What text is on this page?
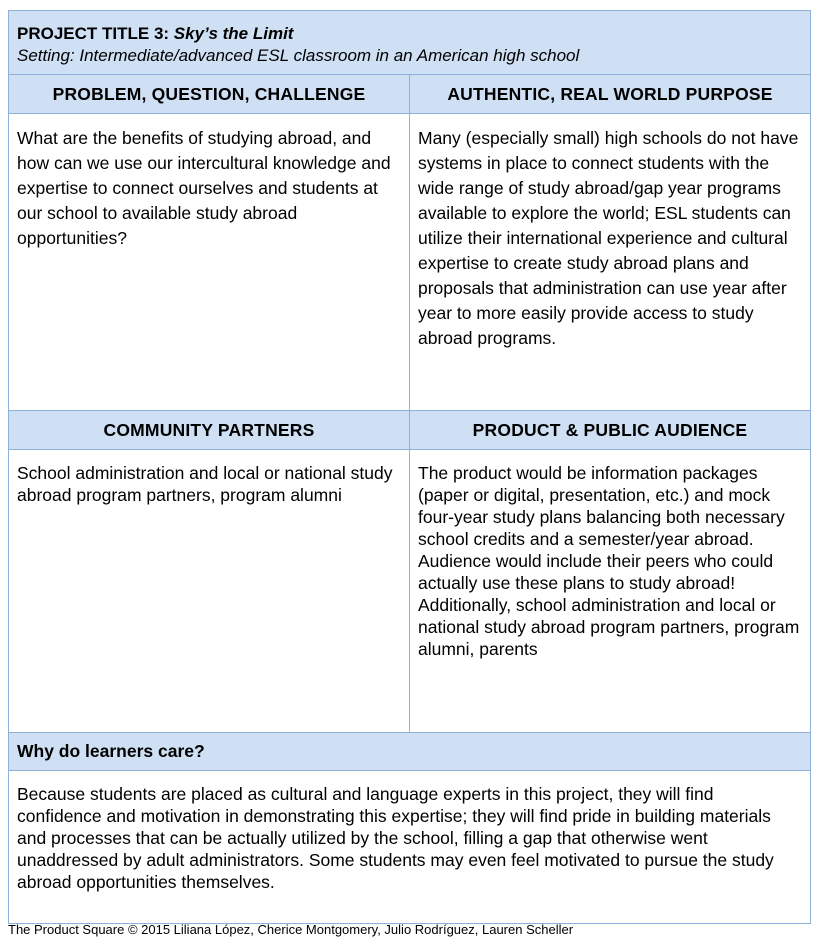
PROJECT TITLE 3: Sky’s the Limit
Setting: Intermediate/advanced ESL classroom in an American high school
PROBLEM, QUESTION, CHALLENGE	AUTHENTIC, REAL WORLD PURPOSE
What are the benefits of studying abroad, and how can we use our intercultural knowledge and expertise to connect ourselves and students at our school to available study abroad opportunities?
Many (especially small) high schools do not have systems in place to connect students with the wide range of study abroad/gap year programs available to explore the world; ESL students can utilize their international experience and cultural expertise to create study abroad plans and proposals that administration can use year after year to more easily provide access to study abroad programs.
COMMUNITY PARTNERS	PRODUCT & PUBLIC AUDIENCE
School administration and local or national study abroad program partners, program alumni
The product would be information packages (paper or digital, presentation, etc.) and mock four-year study plans balancing both necessary school credits and a semester/year abroad. Audience would include their peers who could actually use these plans to study abroad! Additionally, school administration and local or national study abroad program partners, program alumni, parents
Why do learners care?
Because students are placed as cultural and language experts in this project, they will find confidence and motivation in demonstrating this expertise; they will find pride in building materials and processes that can be actually utilized by the school, filling a gap that otherwise went unaddressed by adult administrators. Some students may even feel motivated to pursue the study abroad opportunities themselves.
The Product Square © 2015 Liliana López, Cherice Montgomery, Julio Rodríguez, Lauren Scheller
